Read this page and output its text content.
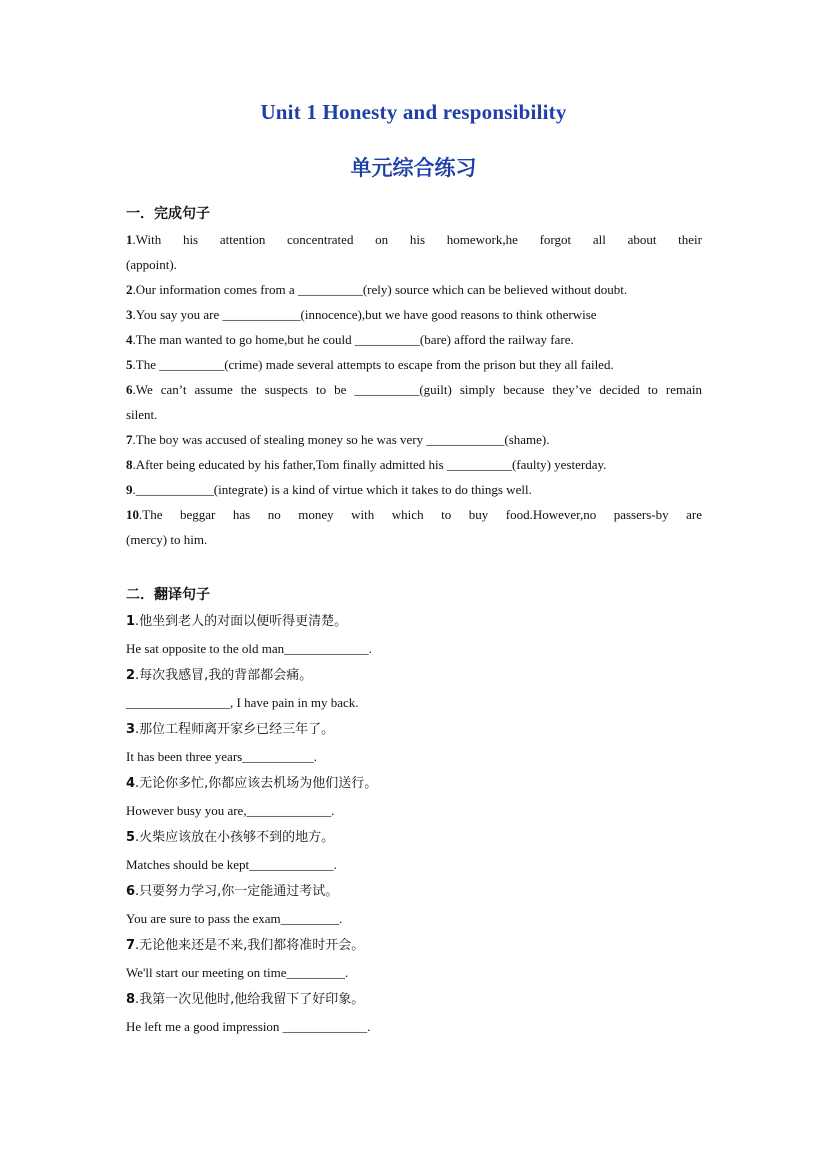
Unit 1 Honesty and responsibility
单元综合练习
一．完成句子
1.With his attention concentrated on his homework,he forgot all about their
(appoint).
2.Our information comes from a __________(rely) source which can be believed without doubt.
3.You say you are ____________(innocence),but we have good reasons to think otherwise
4.The man wanted to go home,but he could __________(bare) afford the railway fare.
5.The __________(crime) made several attempts to escape from the prison but they all failed.
6.We can’t assume the suspects to be __________(guilt) simply because they’ve decided to remain
silent.
7.The boy was accused of stealing money so he was very ____________(shame).
8.After being educated by his father,Tom finally admitted his __________(faulty) yesterday.
9.____________(integrate) is a kind of virtue which it takes to do things well.
10.The beggar has no money with which to buy food.However,no passers-by are
(mercy) to him.
二．翻译句子
1.他坐到老人的对面以便听得更清楚。
He sat opposite to the old man_____________.
2.每次我感冒,我的背部都会痛。
________________, I have pain in my back.
3.那位工程师离开家乡已经三年了。
It has been three years___________.
4.无论你多忙,你都应该去机场为他们送行。
However busy you are,_____________.
5.火柴应该放在小孩够不到的地方。
Matches should be kept_____________.
6.只要努力学习,你一定能通过考试。
You are sure to pass the exam_________.
7.无论他来还是不来,我们都将准时开会。
We'll start our meeting on time_________.
8.我第一次见他时,他给我留下了好印象。
He left me a good impression _____________.
